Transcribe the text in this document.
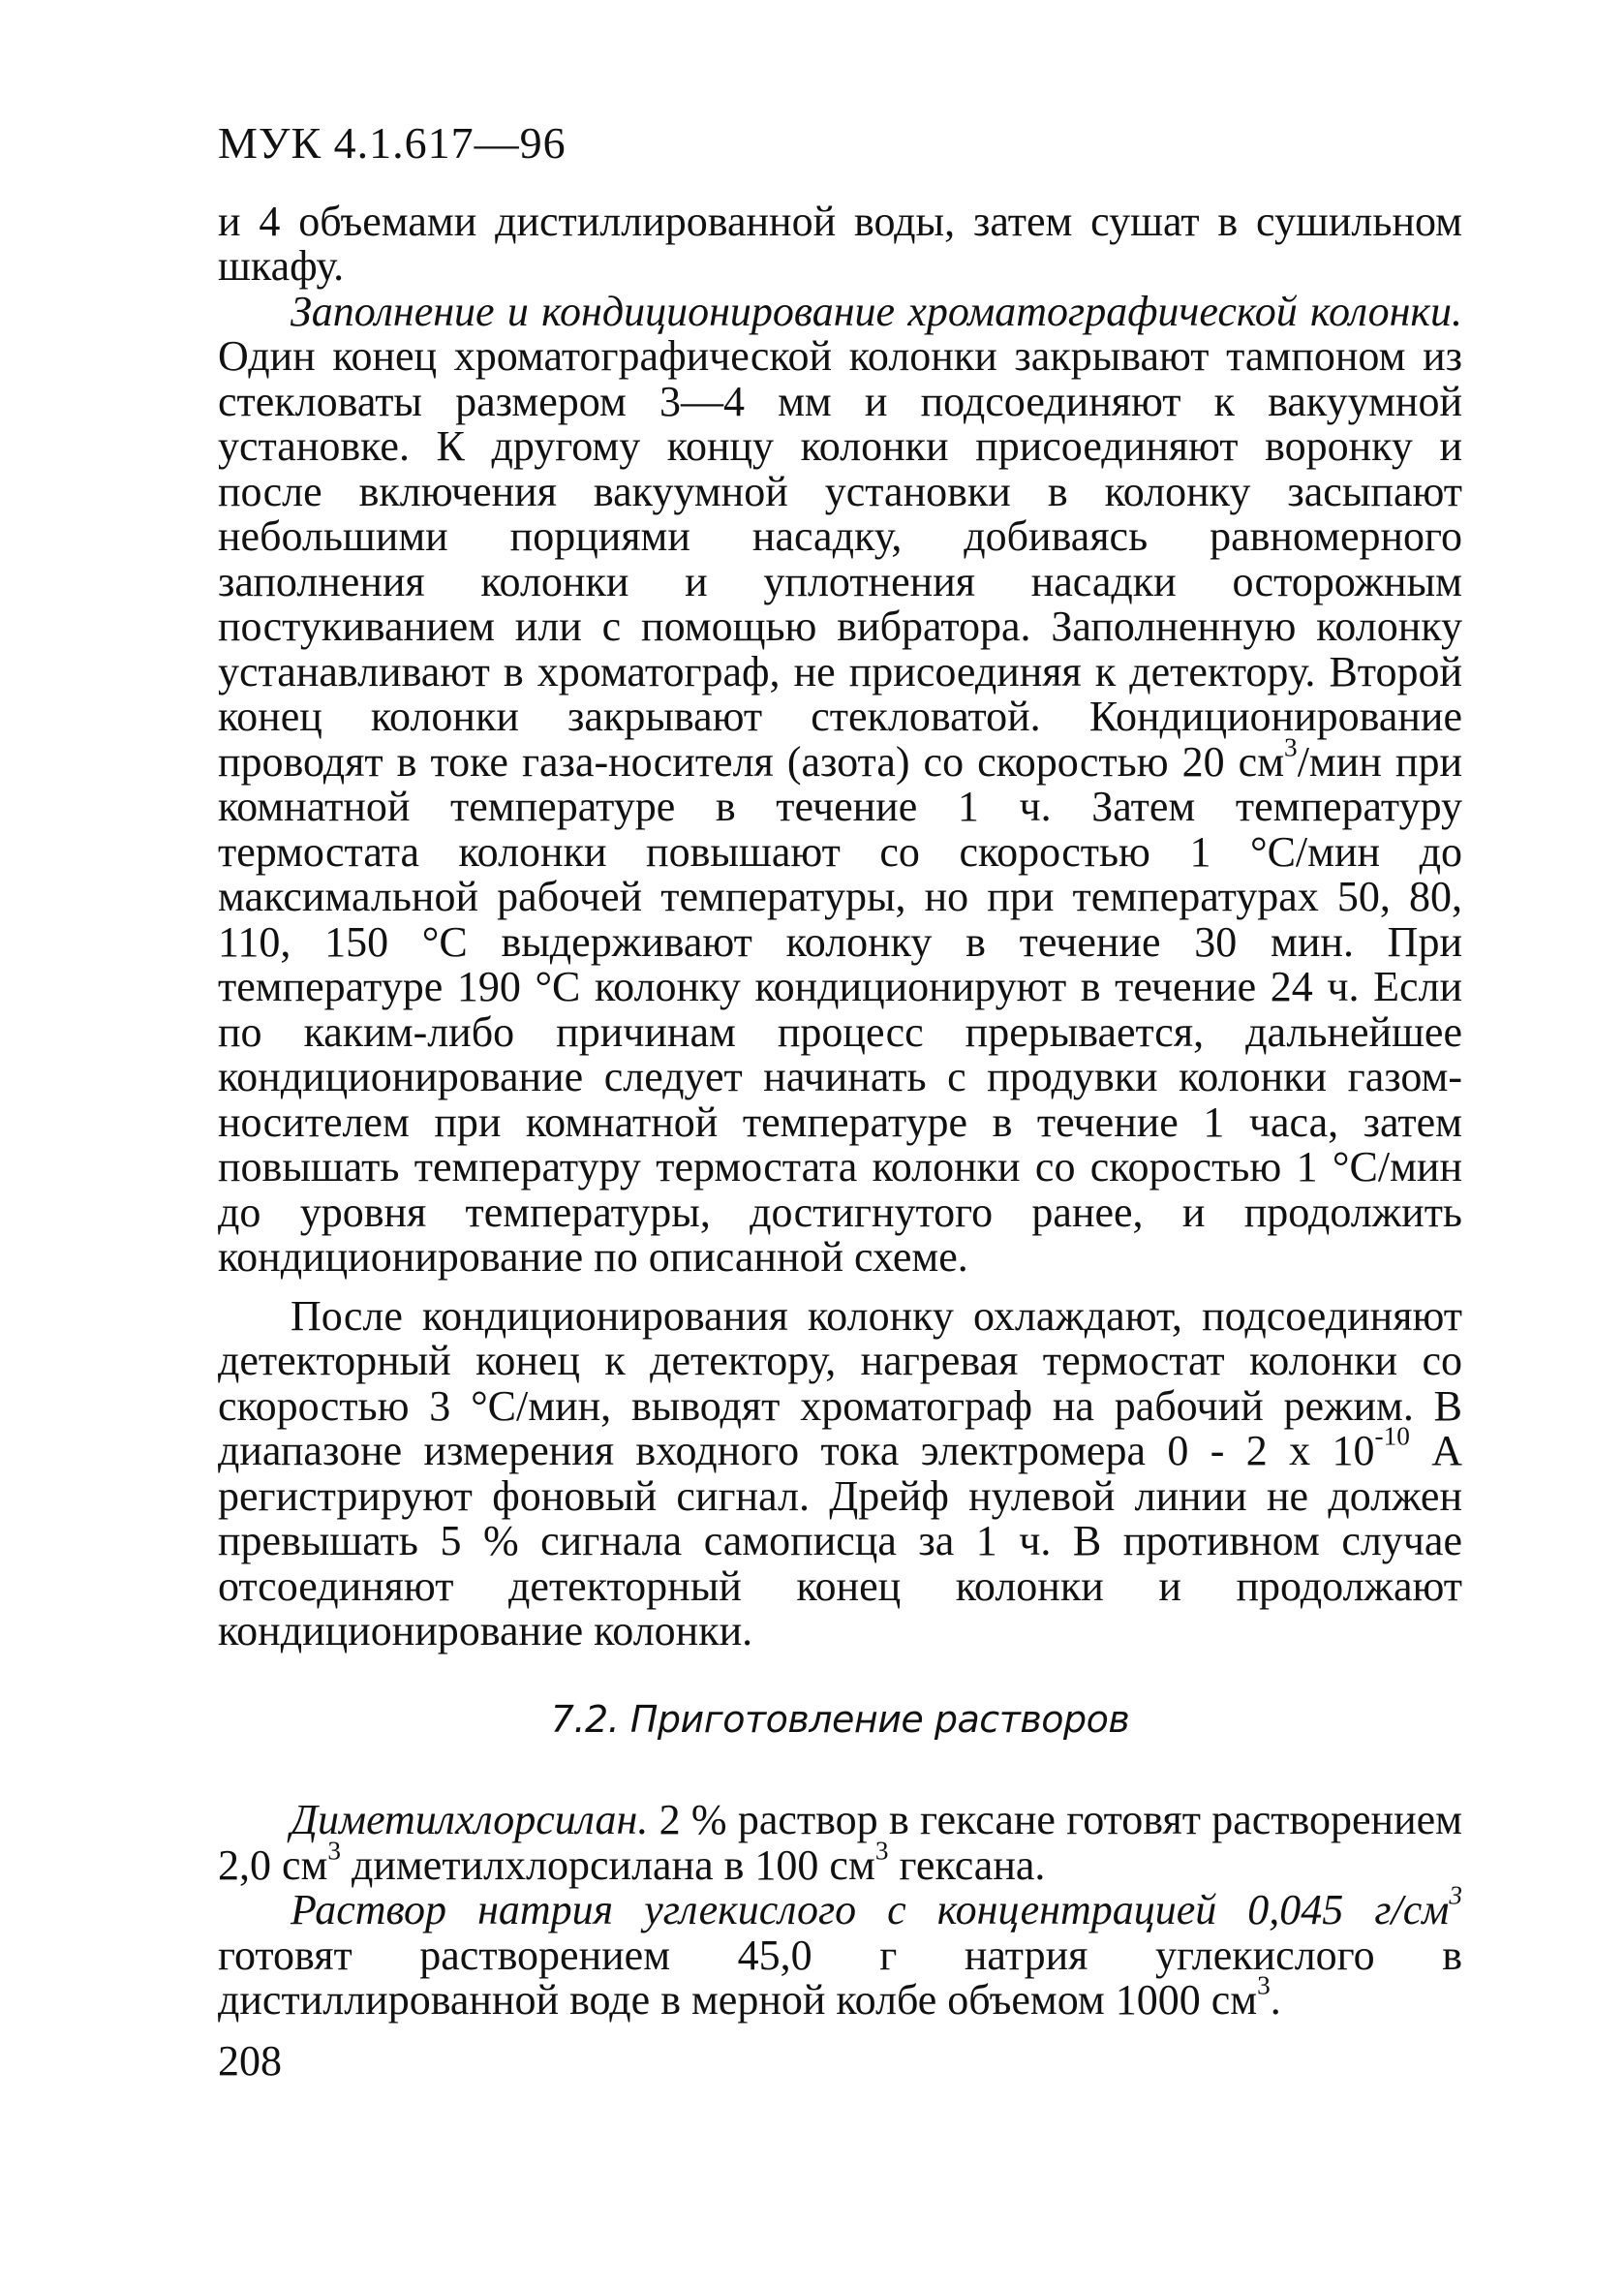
МУК 4.1.617—96

и 4 объемами дистиллированной воды, затем сушат в сушильном шкафу.

Заполнение и кондиционирование хроматографической колонки. Один конец хроматографической колонки закрывают тампоном из стекловаты размером 3—4 мм и подсоединяют к вакуумной установке. К другому концу колонки присоединяют воронку и после включения вакуумной установки в колонку засыпают небольшими порциями насадку, добиваясь равномерного заполнения колонки и уплотнения насадки осторожным постукиванием или с помощью вибратора. Заполненную колонку устанавливают в хроматограф, не присоединяя к детектору. Второй конец колонки закрывают стекловатой. Кондиционирование проводят в токе газа-носителя (азота) со скоростью 20 $см^3$/мин при комнатной температуре в течение 1 ч. Затем температуру термостата колонки повышают со скоростью 1 °С/мин до максимальной рабочей температуры, но при температурах 50, 80, 110, 150 °С выдерживают колонку в течение 30 мин. При температуре 190 °С колонку кондиционируют в течение 24 ч. Если по каким-либо причинам процесс прерывается, дальнейшее кондиционирование следует начинать с продувки колонки газом-носителем при комнатной температуре в течение 1 часа, затем повышать температуру термостата колонки со скоростью 1 °С/мин до уровня температуры, достигнутого ранее, и продолжить кондиционирование по описанной схеме.

После кондиционирования колонку охлаждают, подсоединяют детекторный конец к детектору, нагревая термостат колонки со скоростью 3 °С/мин, выводят хроматограф на рабочий режим. В диапазоне измерения входного тока электромера 0 - 2 х $10^{-10}$ А регистрируют фоновый сигнал. Дрейф нулевой линии не должен превышать 5 % сигнала самописца за 1 ч. В противном случае отсоединяют детекторный конец колонки и продолжают кондиционирование колонки.

7.2. Приготовление растворов

Диметилхлорсилан. 2 % раствор в гексане готовят растворением 2,0 $см^3$ диметилхлорсилана в 100 $см^3$ гексана.

Раствор натрия углекислого с концентрацией 0,045 $г/см^3$ готовят растворением 45,0 г натрия углекислого в дистиллированной воде в мерной колбе объемом 1000 $см^3$.

208
